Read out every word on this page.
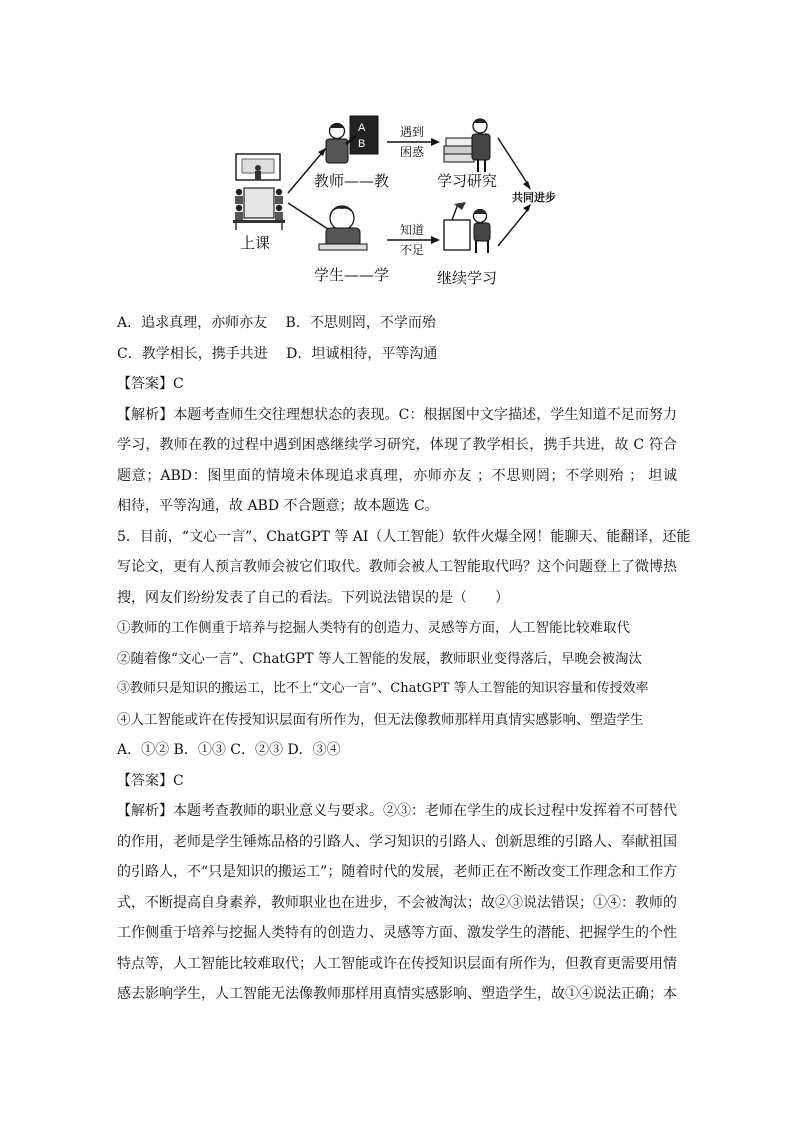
上课
A
B
教师——教
遇到
困惑
学习研究
学生——学
知道
不足
继续学习
共同进步
A．追求真理，亦师亦友　 B．不思则罔，不学而殆
C．教学相长，携手共进　 D．坦诚相待，平等沟通
【答案】C
【解析】本题考查师生交往理想状态的表现。C：根据图中文字描述，学生知道不足而努力
学习，教师在教的过程中遇到困惑继续学习研究，体现了教学相长，携手共进，故 C 符合
题意；ABD：图里面的情境未体现追求真理，亦师亦友 ；不思则罔；不学则殆 ； 坦诚
相待，平等沟通，故 ABD 不合题意；故本题选 C。
5．目前，“文心一言”、ChatGPT 等 AI（人工智能）软件火爆全网！能聊天、能翻译，还能
写论文，更有人预言教师会被它们取代。教师会被人工智能取代吗？这个问题登上了微博热
搜，网友们纷纷发表了自己的看法。下列说法错误的是（　　）
①教师的工作侧重于培养与挖掘人类特有的创造力、灵感等方面，人工智能比较难取代
②随着像“文心一言”、ChatGPT 等人工智能的发展，教师职业变得落后，早晚会被淘汰
③教师只是知识的搬运工，比不上“文心一言”、ChatGPT 等人工智能的知识容量和传授效率
④人工智能或许在传授知识层面有所作为，但无法像教师那样用真情实感影响、塑造学生
A．①② B．①③ C．②③ D．③④
【答案】C
【解析】本题考查教师的职业意义与要求。②③：老师在学生的成长过程中发挥着不可替代
的作用，老师是学生锤炼品格的引路人、学习知识的引路人、创新思维的引路人、奉献祖国
的引路人，不“只是知识的搬运工”；随着时代的发展，老师正在不断改变工作理念和工作方
式，不断提高自身素养，教师职业也在进步，不会被淘汰；故②③说法错误；①④：教师的
工作侧重于培养与挖掘人类特有的创造力、灵感等方面、激发学生的潜能、把握学生的个性
特点等，人工智能比较难取代；人工智能或许在传授知识层面有所作为，但教育更需要用情
感去影响学生，人工智能无法像教师那样用真情实感影响、塑造学生，故①④说法正确；本
